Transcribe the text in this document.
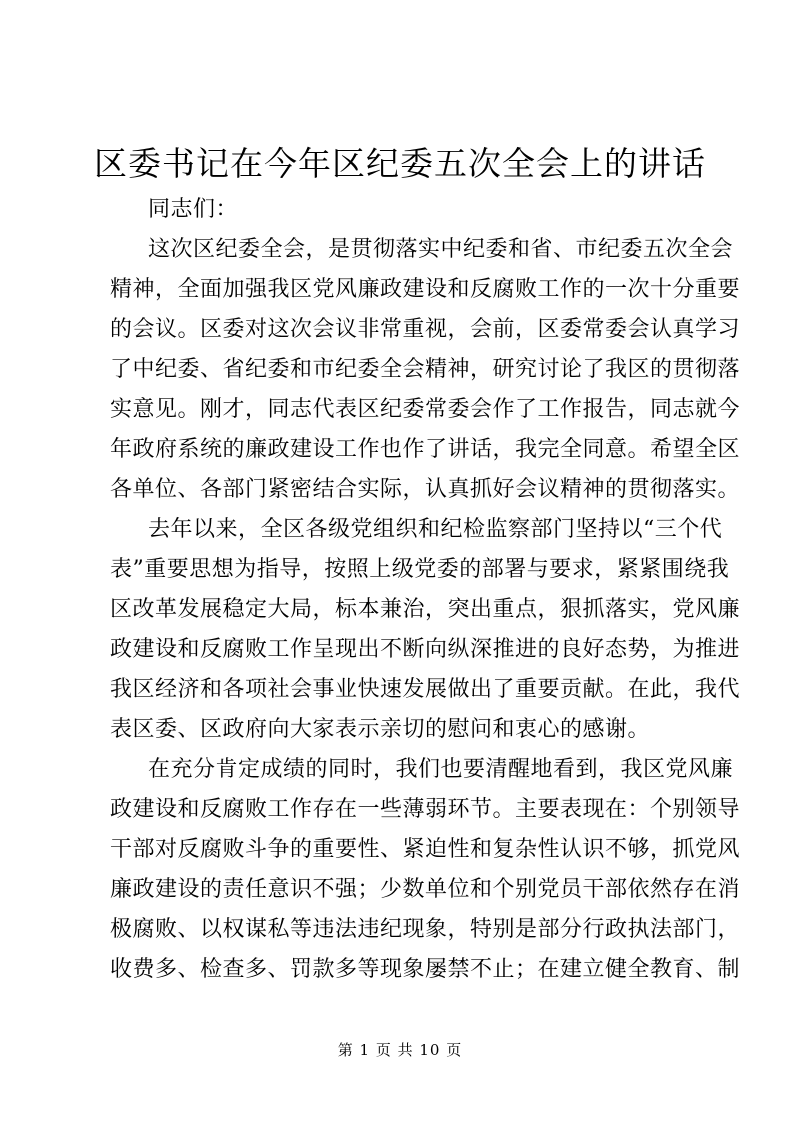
区委书记在今年区纪委五次全会上的讲话
同志们：
这次区纪委全会，是贯彻落实中纪委和省、市纪委五次全会
精神，全面加强我区党风廉政建设和反腐败工作的一次十分重要
的会议。区委对这次会议非常重视，会前，区委常委会认真学习
了中纪委、省纪委和市纪委全会精神，研究讨论了我区的贯彻落
实意见。刚才，同志代表区纪委常委会作了工作报告，同志就今
年政府系统的廉政建设工作也作了讲话，我完全同意。希望全区
各单位、各部门紧密结合实际，认真抓好会议精神的贯彻落实。
去年以来，全区各级党组织和纪检监察部门坚持以“三个代
表”重要思想为指导，按照上级党委的部署与要求，紧紧围绕我
区改革发展稳定大局，标本兼治，突出重点，狠抓落实，党风廉
政建设和反腐败工作呈现出不断向纵深推进的良好态势，为推进
我区经济和各项社会事业快速发展做出了重要贡献。在此，我代
表区委、区政府向大家表示亲切的慰问和衷心的感谢。
在充分肯定成绩的同时，我们也要清醒地看到，我区党风廉
政建设和反腐败工作存在一些薄弱环节。主要表现在：个别领导
干部对反腐败斗争的重要性、紧迫性和复杂性认识不够，抓党风
廉政建设的责任意识不强；少数单位和个别党员干部依然存在消
极腐败、以权谋私等违法违纪现象，特别是部分行政执法部门，
收费多、检查多、罚款多等现象屡禁不止；在建立健全教育、制
第 1 页 共 10 页
